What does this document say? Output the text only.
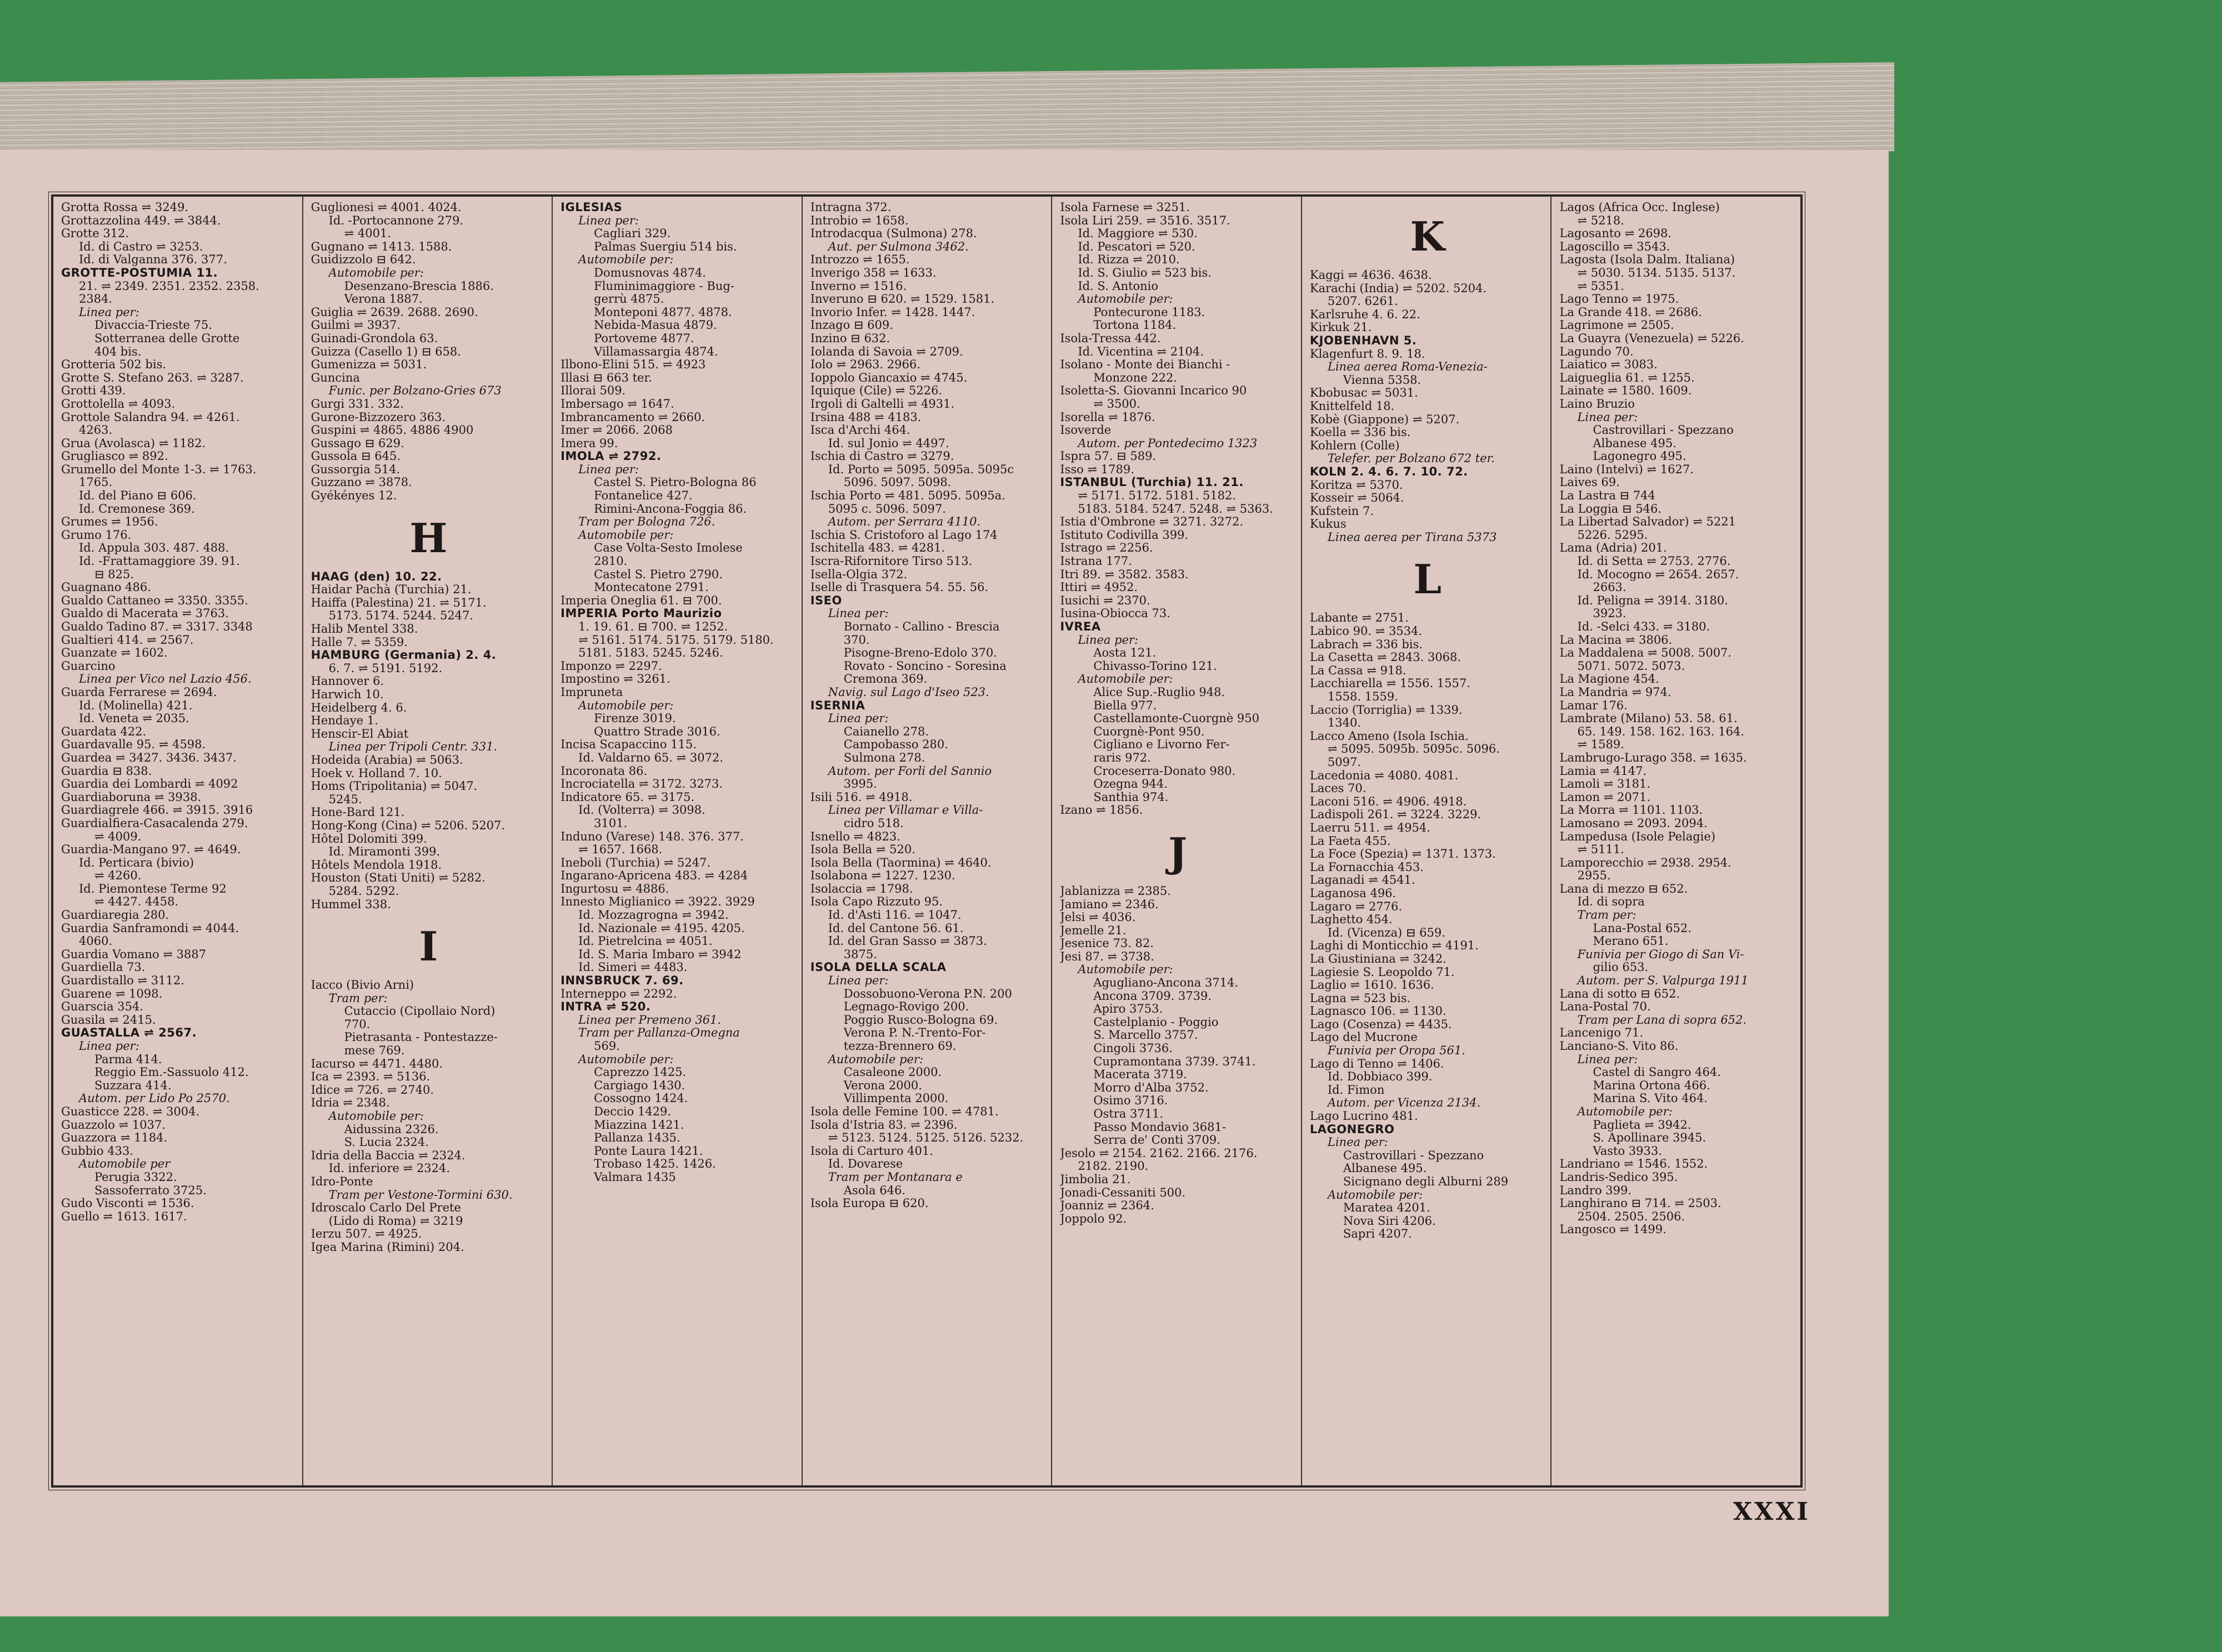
Grotta Rossa ⇌ 3249.
Grottazzolina 449. ⇌ 3844.
Grotte 312.
Id. di Castro ⇌ 3253.
Id. di Valganna 376. 377.
GROTTE-POSTUMIA 11.
21. ⇌ 2349. 2351. 2352. 2358.
2384.
Linea per:
Divaccia-Trieste 75.
Sotterranea delle Grotte
404 bis.
Grotteria 502 bis.
Grotte S. Stefano 263. ⇌ 3287.
Grotti 439.
Grottolella ⇌ 4093.
Grottole Salandra 94. ⇌ 4261.
4263.
Grua (Avolasca) ⇌ 1182.
Grugliasco ⇌ 892.
Grumello del Monte 1-3. ⇌ 1763.
1765.
Id. del Piano ⊟ 606.
Id. Cremonese 369.
Grumes ⇌ 1956.
Grumo 176.
Id. Appula 303. 487. 488.
Id. -Frattamaggiore 39. 91.
⊟ 825.
Guagnano 486.
Gualdo Cattaneo ⇌ 3350. 3355.
Gualdo di Macerata ⇌ 3763.
Gualdo Tadino 87. ⇌ 3317. 3348
Gualtieri 414. ⇌ 2567.
Guanzate ⇌ 1602.
Guarcino
Linea per Vico nel Lazio 456.
Guarda Ferrarese ⇌ 2694.
Id. (Molinella) 421.
Id. Veneta ⇌ 2035.
Guardata 422.
Guardavalle 95. ⇌ 4598.
Guardea ⇌ 3427. 3436. 3437.
Guardia ⊟ 838.
Guardia dei Lombardi ⇌ 4092
Guardiaboruna ⇌ 3938.
Guardiagrele 466. ⇌ 3915. 3916
Guardialfiera-Casacalenda 279.
⇌ 4009.
Guardia-Mangano 97. ⇌ 4649.
Id. Perticara (bivio)
⇌ 4260.
Id. Piemontese Terme 92
⇌ 4427. 4458.
Guardiaregia 280.
Guardia Sanframondi ⇌ 4044.
4060.
Guardia Vomano ⇌ 3887
Guardiella 73.
Guardistallo ⇌ 3112.
Guarene ⇌ 1098.
Guarscia 354.
Guasila ⇌ 2415.
GUASTALLA ⇌ 2567.
Linea per:
Parma 414.
Reggio Em.-Sassuolo 412.
Suzzara 414.
Autom. per Lido Po 2570.
Guasticce 228. ⇌ 3004.
Guazzolo ⇌ 1037.
Guazzora ⇌ 1184.
Gubbio 433.
Automobile per
Perugia 3322.
Sassoferrato 3725.
Gudo Visconti ⇌ 1536.
Guello ⇌ 1613. 1617.
Guglionesi ⇌ 4001. 4024.
Id. -Portocannone 279.
⇌ 4001.
Gugnano ⇌ 1413. 1588.
Guidizzolo ⊟ 642.
Automobile per:
Desenzano-Brescia 1886.
Verona 1887.
Guiglia ⇌ 2639. 2688. 2690.
Guilmi ⇌ 3937.
Guinadi-Grondola 63.
Guizza (Casello 1) ⊟ 658.
Gumenizza ⇌ 5031.
Guncina
Funic. per Bolzano-Gries 673
Gurgi 331. 332.
Gurone-Bizzozero 363.
Guspini ⇌ 4865. 4886 4900
Gussago ⊟ 629.
Gussola ⊟ 645.
Gussorgia 514.
Guzzano ⇌ 3878.
Gyékényes 12.
H
HAAG (den) 10. 22.
Haidar Pachà (Turchia) 21.
Haiffa (Palestina) 21. ⇌ 5171.
5173. 5174. 5244. 5247.
Halib Mentel 338.
Halle 7. ⇌ 5359.
HAMBURG (Germania) 2. 4.
6. 7. ⇌ 5191. 5192.
Hannover 6.
Harwich 10.
Heidelberg 4. 6.
Hendaye 1.
Henscir-El Abiat
Linea per Tripoli Centr. 331.
Hodeida (Arabia) ⇌ 5063.
Hoek v. Holland 7. 10.
Homs (Tripolitania) ⇌ 5047.
5245.
Hone-Bard 121.
Hong-Kong (Cina) ⇌ 5206. 5207.
Hôtel Dolomiti 399.
Id. Miramonti 399.
Hôtels Mendola 1918.
Houston (Stati Uniti) ⇌ 5282.
5284. 5292.
Hummel 338.
I
Iacco (Bivio Arni)
Tram per:
Cutaccio (Cipollaio Nord)
770.
Pietrasanta - Pontestazze-
mese 769.
Iacurso ⇌ 4471. 4480.
Ica ⇌ 2393. ⇌ 5136.
Idice ⇌ 726. ⇌ 2740.
Idria ⇌ 2348.
Automobile per:
Aidussina 2326.
S. Lucia 2324.
Idria della Baccia ⇌ 2324.
Id. inferiore ⇌ 2324.
Idro-Ponte
Tram per Vestone-Tormini 630.
Idroscalo Carlo Del Prete
(Lido di Roma) ⇌ 3219
Ierzu 507. ⇌ 4925.
Igea Marina (Rimini) 204.
IGLESIAS
Linea per:
Cagliari 329.
Palmas Suergiu 514 bis.
Automobile per:
Domusnovas 4874.
Fluminimaggiore - Bug-
gerrù 4875.
Monteponi 4877. 4878.
Nebida-Masua 4879.
Portoveme 4877.
Villamassargia 4874.
Ilbono-Elini 515. ⇌ 4923
Illasi ⊟ 663 ter.
Illorai 509.
Imbersago ⇌ 1647.
Imbrancamento ⇌ 2660.
Imer ⇌ 2066. 2068
Imera 99.
IMOLA ⇌ 2792.
Linea per:
Castel S. Pietro-Bologna 86
Fontanelice 427.
Rimini-Ancona-Foggia 86.
Tram per Bologna 726.
Automobile per:
Case Volta-Sesto Imolese
2810.
Castel S. Pietro 2790.
Montecatone 2791.
Imperia Oneglia 61. ⊟ 700.
IMPERIA Porto Maurizio
1. 19. 61. ⊟ 700. ⇌ 1252.
⇌ 5161. 5174. 5175. 5179. 5180.
5181. 5183. 5245. 5246.
Imponzo ⇌ 2297.
Impostino ⇌ 3261.
Impruneta
Automobile per:
Firenze 3019.
Quattro Strade 3016.
Incisa Scapaccino 115.
Id. Valdarno 65. ⇌ 3072.
Incoronata 86.
Incrociatella ⇌ 3172. 3273.
Indicatore 65. ⇌ 3175.
Id. (Volterra) ⇌ 3098.
3101.
Induno (Varese) 148. 376. 377.
⇌ 1657. 1668.
Ineboli (Turchia) ⇌ 5247.
Ingarano-Apricena 483. ⇌ 4284
Ingurtosu ⇌ 4886.
Innesto Miglianico ⇌ 3922. 3929
Id. Mozzagrogna ⇌ 3942.
Id. Nazionale ⇌ 4195. 4205.
Id. Pietrelcina ⇌ 4051.
Id. S. Maria Imbaro ⇌ 3942
Id. Simeri ⇌ 4483.
INNSBRUCK 7. 69.
Interneppo ⇌ 2292.
INTRA ⇌ 520.
Linea per Premeno 361.
Tram per Pallanza-Omegna
569.
Automobile per:
Caprezzo 1425.
Cargiago 1430.
Cossogno 1424.
Deccio 1429.
Miazzina 1421.
Pallanza 1435.
Ponte Laura 1421.
Trobaso 1425. 1426.
Valmara 1435
Intragna 372.
Introbio ⇌ 1658.
Introdacqua (Sulmona) 278.
Aut. per Sulmona 3462.
Introzzo ⇌ 1655.
Inverigo 358 ⇌ 1633.
Inverno ⇌ 1516.
Inveruno ⊟ 620. ⇌ 1529. 1581.
Invorio Infer. ⇌ 1428. 1447.
Inzago ⊟ 609.
Inzino ⊟ 632.
Iolanda di Savoia ⇌ 2709.
Iolo ⇌ 2963. 2966.
Ioppolo Giancaxio ⇌ 4745.
Iquique (Cile) ⇌ 5226.
Irgoli di Galtelli ⇌ 4931.
Irsina 488 ⇌ 4183.
Isca d'Archi 464.
Id. sul Jonio ⇌ 4497.
Ischia di Castro ⇌ 3279.
Id. Porto ⇌ 5095. 5095a. 5095c
5096. 5097. 5098.
Ischia Porto ⇌ 481. 5095. 5095a.
5095 c. 5096. 5097.
Autom. per Serrara 4110.
Ischia S. Cristoforo al Lago 174
Ischitella 483. ⇌ 4281.
Iscra-Rifornitore Tirso 513.
Isella-Olgia 372.
Iselle di Trasquera 54. 55. 56.
ISEO
Linea per:
Bornato - Callino - Brescia
370.
Pisogne-Breno-Edolo 370.
Rovato - Soncino - Soresina
Cremona 369.
Navig. sul Lago d'Iseo 523.
ISERNIA
Linea per:
Caianello 278.
Campobasso 280.
Sulmona 278.
Autom. per Forli del Sannio
3995.
Isili 516. ⇌ 4918.
Linea per Villamar e Villa-
cidro 518.
Isnello ⇌ 4823.
Isola Bella ⇌ 520.
Isola Bella (Taormina) ⇌ 4640.
Isolabona ⇌ 1227. 1230.
Isolaccia ⇌ 1798.
Isola Capo Rizzuto 95.
Id. d'Asti 116. ⇌ 1047.
Id. del Cantone 56. 61.
Id. del Gran Sasso ⇌ 3873.
3875.
ISOLA DELLA SCALA
Linea per:
Dossobuono-Verona P.N. 200
Legnago-Rovigo 200.
Poggio Rusco-Bologna 69.
Verona P. N.-Trento-For-
tezza-Brennero 69.
Automobile per:
Casaleone 2000.
Verona 2000.
Villimpenta 2000.
Isola delle Femine 100. ⇌ 4781.
Isola d'Istria 83. ⇌ 2396.
⇌ 5123. 5124. 5125. 5126. 5232.
Isola di Carturo 401.
Id. Dovarese
Tram per Montanara e
Asola 646.
Isola Europa ⊟ 620.
Isola Farnese ⇌ 3251.
Isola Liri 259. ⇌ 3516. 3517.
Id. Maggiore ⇌ 530.
Id. Pescatori ⇌ 520.
Id. Rizza ⇌ 2010.
Id. S. Giulio ⇌ 523 bis.
Id. S. Antonio
Automobile per:
Pontecurone 1183.
Tortona 1184.
Isola-Tressa 442.
Id. Vicentina ⇌ 2104.
Isolano - Monte dei Bianchi -
Monzone 222.
Isoletta-S. Giovanni Incarico 90
⇌ 3500.
Isorella ⇌ 1876.
Isoverde
Autom. per Pontedecimo 1323
Ispra 57. ⊟ 589.
Isso ⇌ 1789.
ISTANBUL (Turchia) 11. 21.
⇌ 5171. 5172. 5181. 5182.
5183. 5184. 5247. 5248. ⇌ 5363.
Istia d'Ombrone ⇌ 3271. 3272.
Istituto Codivilla 399.
Istrago ⇌ 2256.
Istrana 177.
Itri 89. ⇌ 3582. 3583.
Ittiri ⇌ 4952.
Iusichi ⇌ 2370.
Iusina-Obiocca 73.
IVREA
Linea per:
Aosta 121.
Chivasso-Torino 121.
Automobile per:
Alice Sup.-Ruglio 948.
Biella 977.
Castellamonte-Cuorgnè 950
Cuorgnè-Pont 950.
Cigliano e Livorno Fer-
raris 972.
Croceserra-Donato 980.
Ozegna 944.
Santhia 974.
Izano ⇌ 1856.
J
Jablanizza ⇌ 2385.
Jamiano ⇌ 2346.
Jelsi ⇌ 4036.
Jemelle 21.
Jesenice 73. 82.
Jesi 87. ⇌ 3738.
Automobile per:
Agugliano-Ancona 3714.
Ancona 3709. 3739.
Apiro 3753.
Castelplanio - Poggio
S. Marcello 3757.
Cingoli 3736.
Cupramontana 3739. 3741.
Macerata 3719.
Morro d'Alba 3752.
Osimo 3716.
Ostra 3711.
Passo Mondavio 3681-
Serra de' Conti 3709.
Jesolo ⇌ 2154. 2162. 2166. 2176.
2182. 2190.
Jimbolia 21.
Jonadi-Cessaniti 500.
Joanniz ⇌ 2364.
Joppolo 92.
K
Kaggi ⇌ 4636. 4638.
Karachi (India) ⇌ 5202. 5204.
5207. 6261.
Karlsruhe 4. 6. 22.
Kirkuk 21.
KJOBENHAVN 5.
Klagenfurt 8. 9. 18.
Linea aerea Roma-Venezia-
Vienna 5358.
Kbobusac ⇌ 5031.
Knittelfeld 18.
Kobè (Giappone) ⇌ 5207.
Koella ⇌ 336 bis.
Kohlern (Colle)
Telefer. per Bolzano 672 ter.
KOLN 2. 4. 6. 7. 10. 72.
Koritza ⇌ 5370.
Kosseir ⇌ 5064.
Kufstein 7.
Kukus
Linea aerea per Tirana 5373
L
Labante ⇌ 2751.
Labico 90. ⇌ 3534.
Labrach ⇌ 336 bis.
La Casetta ⇌ 2843. 3068.
La Cassa ⇌ 918.
Lacchiarella ⇌ 1556. 1557.
1558. 1559.
Laccio (Torriglia) ⇌ 1339.
1340.
Lacco Ameno (Isola Ischia.
⇌ 5095. 5095b. 5095c. 5096.
5097.
Lacedonia ⇌ 4080. 4081.
Laces 70.
Laconi 516. ⇌ 4906. 4918.
Ladispoli 261. ⇌ 3224. 3229.
Laerru 511. ⇌ 4954.
La Faeta 455.
La Foce (Spezia) ⇌ 1371. 1373.
La Fornacchia 453.
Laganadi ⇌ 4541.
Laganosa 496.
Lagaro ⇌ 2776.
Laghetto 454.
Id. (Vicenza) ⊟ 659.
Laghi di Monticchio ⇌ 4191.
La Giustiniana ⇌ 3242.
Lagiesie S. Leopoldo 71.
Laglio ⇌ 1610. 1636.
Lagna ⇌ 523 bis.
Lagnasco 106. ⇌ 1130.
Lago (Cosenza) ⇌ 4435.
Lago del Mucrone
Funivia per Oropa 561.
Lago di Tenno ⇌ 1406.
Id. Dobbiaco 399.
Id. Fimon
Autom. per Vicenza 2134.
Lago Lucrino 481.
LAGONEGRO
Linea per:
Castrovillari - Spezzano
Albanese 495.
Sicignano degli Alburni 289
Automobile per:
Maratea 4201.
Nova Siri 4206.
Sapri 4207.
Lagos (Africa Occ. Inglese)
⇌ 5218.
Lagosanto ⇌ 2698.
Lagoscillo ⇌ 3543.
Lagosta (Isola Dalm. Italiana)
⇌ 5030. 5134. 5135. 5137.
⇌ 5351.
Lago Tenno ⇌ 1975.
La Grande 418. ⇌ 2686.
Lagrimone ⇌ 2505.
La Guayra (Venezuela) ⇌ 5226.
Lagundo 70.
Laiatico ⇌ 3083.
Laigueglia 61. ⇌ 1255.
Lainate ⇌ 1580. 1609.
Laino Bruzio
Linea per:
Castrovillari - Spezzano
Albanese 495.
Lagonegro 495.
Laino (Intelvi) ⇌ 1627.
Laives 69.
La Lastra ⊟ 744
La Loggia ⊟ 546.
La Libertad Salvador) ⇌ 5221
5226. 5295.
Lama (Adria) 201.
Id. di Setta ⇌ 2753. 2776.
Id. Mocogno ⇌ 2654. 2657.
2663.
Id. Peligna ⇌ 3914. 3180.
3923.
Id. -Selci 433. ⇌ 3180.
La Macina ⇌ 3806.
La Maddalena ⇌ 5008. 5007.
5071. 5072. 5073.
La Magione 454.
La Mandria ⇌ 974.
Lamar 176.
Lambrate (Milano) 53. 58. 61.
65. 149. 158. 162. 163. 164.
⇌ 1589.
Lambrugo-Lurago 358. ⇌ 1635.
Lamia ⇌ 4147.
Lamoli ⇌ 3181.
Lamon ⇌ 2071.
La Morra ⇌ 1101. 1103.
Lamosano ⇌ 2093. 2094.
Lampedusa (Isole Pelagie)
⇌ 5111.
Lamporecchio ⇌ 2938. 2954.
2955.
Lana di mezzo ⊟ 652.
Id. di sopra
Tram per:
Lana-Postal 652.
Merano 651.
Funivia per Giogo di San Vi-
gilio 653.
Autom. per S. Valpurga 1911
Lana di sotto ⊟ 652.
Lana-Postal 70.
Tram per Lana di sopra 652.
Lancenigo 71.
Lanciano-S. Vito 86.
Linea per:
Castel di Sangro 464.
Marina Ortona 466.
Marina S. Vito 464.
Automobile per:
Paglieta ⇌ 3942.
S. Apollinare 3945.
Vasto 3933.
Landriano ⇌ 1546. 1552.
Landris-Sedico 395.
Landro 399.
Langhirano ⊟ 714. ⇌ 2503.
2504. 2505. 2506.
Langosco ⇌ 1499.
XXXI
